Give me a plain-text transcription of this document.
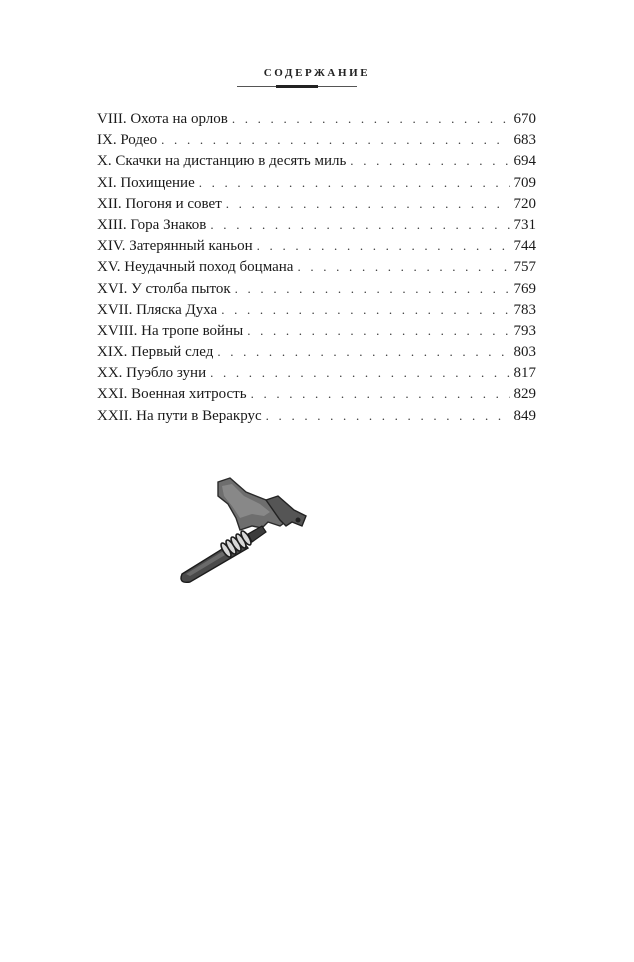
СОДЕРЖАНИЕ
VIII. Охота на орлов . . .	670
IX. Родео . . .	683
X. Скачки на дистанцию в десять миль . . .	694
XI. Похищение . . .	709
XII. Погоня и совет . . .	720
XIII. Гора Знаков . . .	731
XIV. Затерянный каньон . . .	744
XV. Неудачный поход боцмана . . .	757
XVI. У столба пыток . . .	769
XVII. Пляска Духа . . .	783
XVIII. На тропе войны . . .	793
XIX. Первый след . . .	803
XX. Пуэбло зуни . . .	817
XXI. Военная хитрость . . .	829
XXII. На пути в Веракрус . . .	849
